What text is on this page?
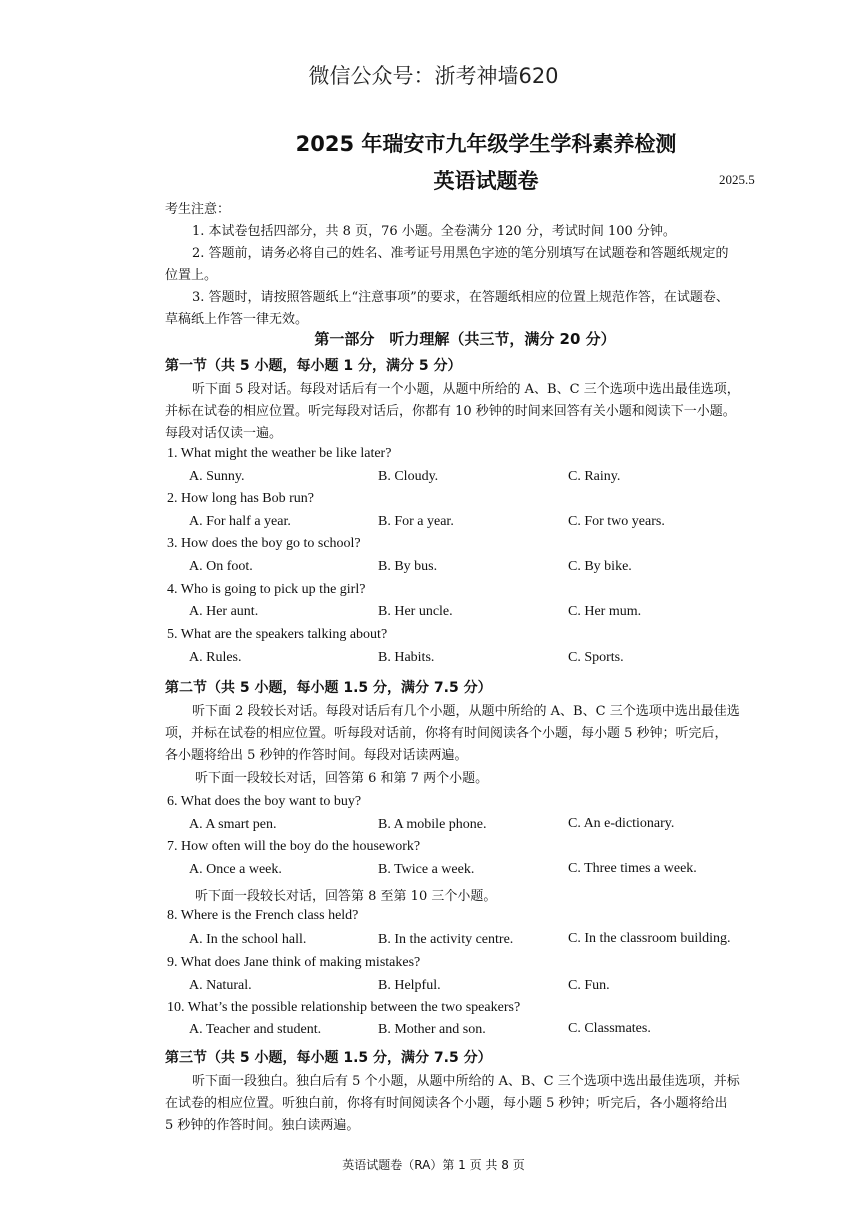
微信公众号：浙考神墙620
2025 年瑞安市九年级学生学科素养检测
英语试题卷	2025.5
考生注意：
1. 本试卷包括四部分，共 8 页，76 小题。全卷满分 120 分，考试时间 100 分钟。
2. 答题前，请务必将自己的姓名、准考证号用黑色字迹的笔分别填写在试题卷和答题纸规定的
位置上。
3. 答题时，请按照答题纸上“注意事项”的要求，在答题纸相应的位置上规范作答，在试题卷、
草稿纸上作答一律无效。
第一部分　听力理解（共三节，满分 20 分）
第一节（共 5 小题，每小题 1 分，满分 5 分）
听下面 5 段对话。每段对话后有一个小题，从题中所给的 A、B、C 三个选项中选出最佳选项，
并标在试卷的相应位置。听完每段对话后，你都有 10 秒钟的时间来回答有关小题和阅读下一小题。
每段对话仅读一遍。
1. What might the weather be like later?
A. Sunny.	B. Cloudy.	C. Rainy.
2. How long has Bob run?
A. For half a year.	B. For a year.	C. For two years.
3. How does the boy go to school?
A. On foot.	B. By bus.	C. By bike.
4. Who is going to pick up the girl?
A. Her aunt.	B. Her uncle.	C. Her mum.
5. What are the speakers talking about?
A. Rules.	B. Habits.	C. Sports.
第二节（共 5 小题，每小题 1.5 分，满分 7.5 分）
听下面 2 段较长对话。每段对话后有几个小题，从题中所给的 A、B、C 三个选项中选出最佳选
项，并标在试卷的相应位置。听每段对话前，你将有时间阅读各个小题，每小题 5 秒钟；听完后，
各小题将给出 5 秒钟的作答时间。每段对话读两遍。
听下面一段较长对话，回答第 6 和第 7 两个小题。
6. What does the boy want to buy?
A. A smart pen.	B. A mobile phone.	C. An e-dictionary.
7. How often will the boy do the housework?
A. Once a week.	B. Twice a week.	C. Three times a week.
听下面一段较长对话，回答第 8 至第 10 三个小题。
8. Where is the French class held?
A. In the school hall.	B. In the activity centre.	C. In the classroom building.
9. What does Jane think of making mistakes?
A. Natural.	B. Helpful.	C. Fun.
10. What’s the possible relationship between the two speakers?
A. Teacher and student.	B. Mother and son.	C. Classmates.
第三节（共 5 小题，每小题 1.5 分，满分 7.5 分）
听下面一段独白。独白后有 5 个小题，从题中所给的 A、B、C 三个选项中选出最佳选项，并标
在试卷的相应位置。听独白前，你将有时间阅读各个小题，每小题 5 秒钟；听完后，各小题将给出
5 秒钟的作答时间。独白读两遍。
英语试题卷（RA）第 1 页 共 8 页
